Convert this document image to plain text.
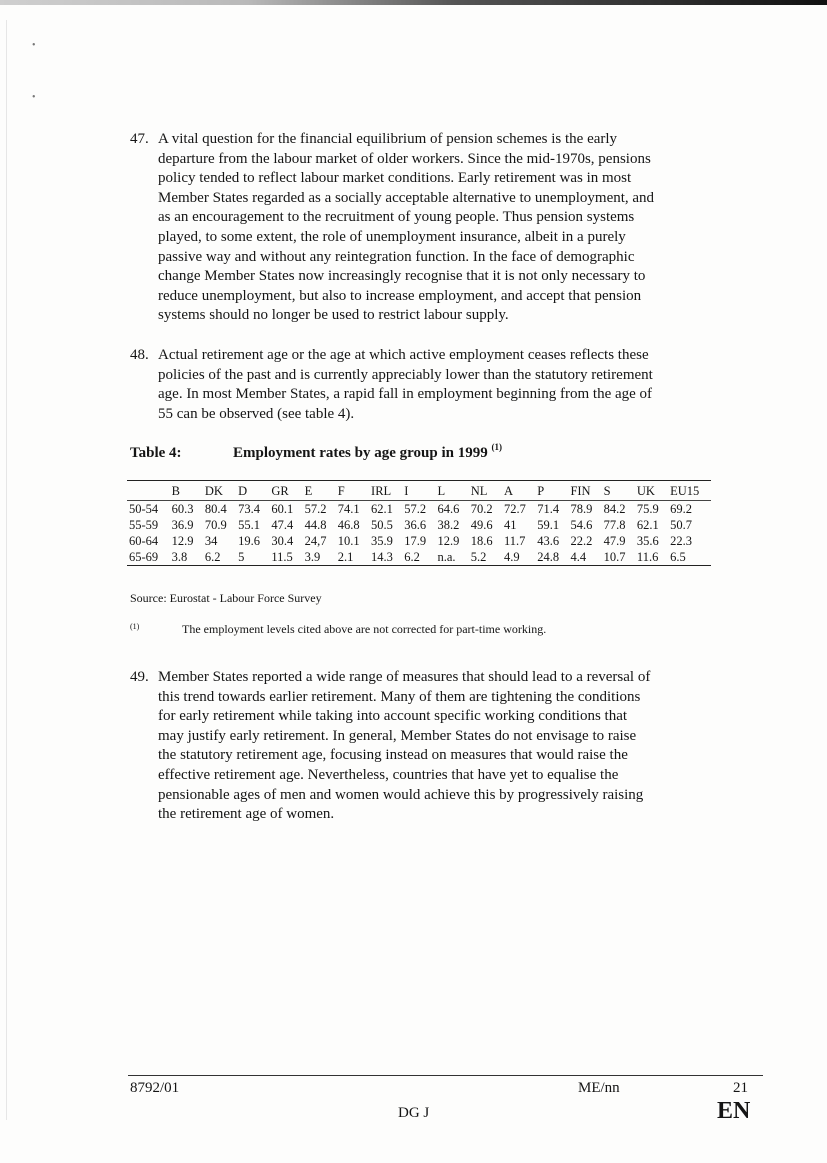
•
•
47. A vital question for the financial equilibrium of pension schemes is the early
departure from the labour market of older workers. Since the mid-1970s, pensions
policy tended to reflect labour market conditions. Early retirement was in most
Member States regarded as a socially acceptable alternative to unemployment, and
as an encouragement to the recruitment of young people. Thus pension systems
played, to some extent, the role of unemployment insurance, albeit in a purely
passive way and without any reintegration function. In the face of demographic
change Member States now increasingly recognise that it is not only necessary to
reduce unemployment, but also to increase employment, and accept that pension
systems should no longer be used to restrict labour supply.
48. Actual retirement age or the age at which active employment ceases reflects these
policies of the past and is currently appreciably lower than the statutory retirement
age. In most Member States, a rapid fall in employment beginning from the age of
55 can be observed (see table 4).
Table 4:	Employment rates by age group in 1999 $^{(1)}$
	B	DK	D	GR	E	F	IRL	I	L	NL	A	P	FIN	S	UK	EU15
50-54	60.3	80.4	73.4	60.1	57.2	74.1	62.1	57.2	64.6	70.2	72.7	71.4	78.9	84.2	75.9	69.2
55-59	36.9	70.9	55.1	47.4	44.8	46.8	50.5	36.6	38.2	49.6	41	59.1	54.6	77.8	62.1	50.7
60-64	12.9	34	19.6	30.4	24,7	10.1	35.9	17.9	12.9	18.6	11.7	43.6	22.2	47.9	35.6	22.3
65-69	3.8	6.2	5	11.5	3.9	2.1	14.3	6.2	n.a.	5.2	4.9	24.8	4.4	10.7	11.6	6.5
Source: Eurostat - Labour Force Survey
(1)	The employment levels cited above are not corrected for part-time working.
49. Member States reported a wide range of measures that should lead to a reversal of
this trend towards earlier retirement. Many of them are tightening the conditions
for early retirement while taking into account specific working conditions that
may justify early retirement. In general, Member States do not envisage to raise
the statutory retirement age, focusing instead on measures that would raise the
effective retirement age. Nevertheless, countries that have yet to equalise the
pensionable ages of men and women would achieve this by progressively raising
the retirement age of women.
8792/01	ME/nn	21
DG J	EN
